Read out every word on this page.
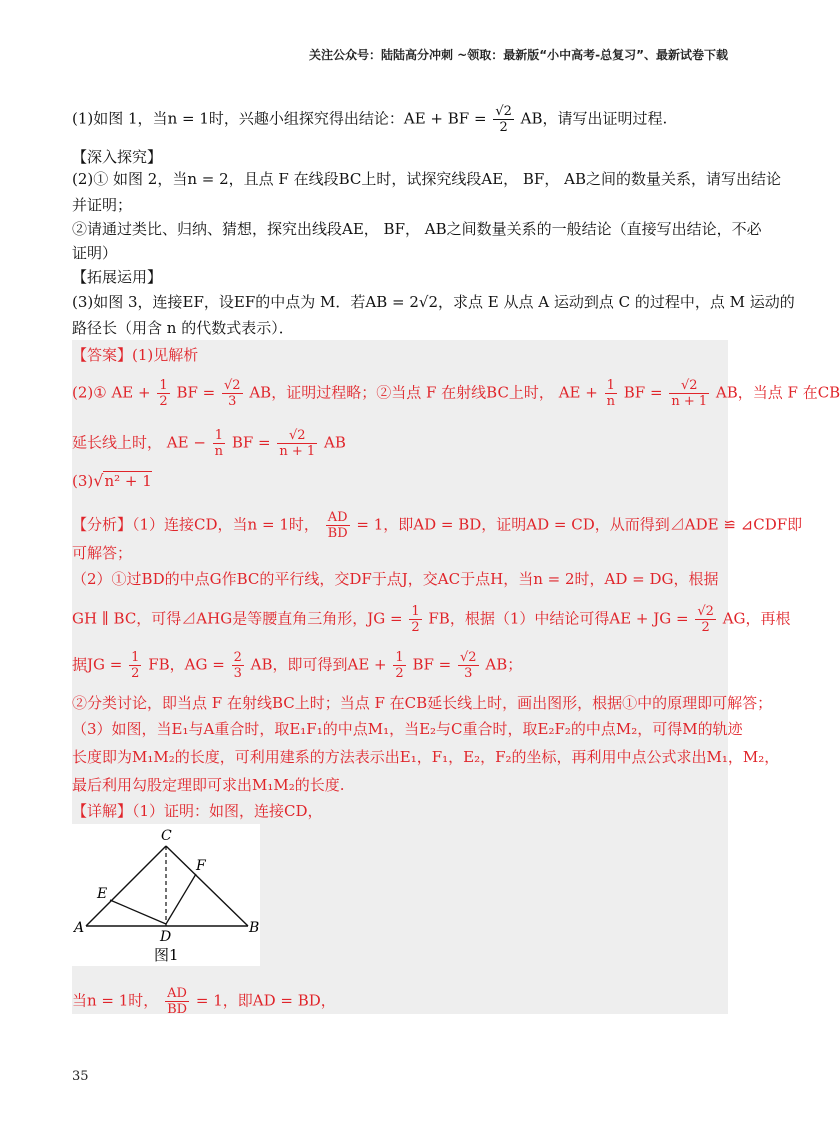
关注公众号：陆陆高分冲刺 ~领取：最新版“小中高考-总复习”、最新试卷下载
(1)如图 1，当n = 1时，兴趣小组探究得出结论：AE + BF = $\frac{√2}{2}$ AB，请写出证明过程.
【深入探究】
(2)① 如图 2，当n = 2，且点 F 在线段BC上时，试探究线段AE， BF， AB之间的数量关系，请写出结论
并证明；
②请通过类比、归纳、猜想，探究出线段AE， BF， AB之间数量关系的一般结论（直接写出结论，不必
证明）
【拓展运用】
(3)如图 3，连接EF，设EF的中点为 M．若AB = 2√2，求点 E 从点 A 运动到点 C 的过程中，点 M 运动的
路径长（用含 n 的代数式表示）．
【答案】(1)见解析
(2)① AE + $\frac{1}{2}$ BF = $\frac{√2}{3}$ AB，证明过程略；②当点 F 在射线BC上时， AE + $\frac{1}{n}$ BF = $\frac{√2}{n + 1}$ AB，当点 F 在CB
延长线上时， AE − $\frac{1}{n}$ BF = $\frac{√2}{n + 1}$ AB
(3)√n² + 1
【分析】（1）连接CD，当n = 1时， $\frac{AD}{BD} = 1$，即AD = BD，证明AD = CD，从而得到⊿ADE ≌ ⊿CDF即
可解答；
（2）①过BD的中点G作BC的平行线，交DF于点J，交AC于点H，当n = 2时，AD = DG，根据
GH ∥ BC，可得⊿AHG是等腰直角三角形，JG = $\frac{1}{2}$ FB，根据（1）中结论可得AE + JG = $\frac{√2}{2}$ AG，再根
据JG = $\frac{1}{2}$ FB，AG = $\frac{2}{3}$ AB，即可得到AE + $\frac{1}{2}$ BF = $\frac{√2}{3}$ AB；
②分类讨论，即当点 F 在射线BC上时；当点 F 在CB延长线上时，画出图形，根据①中的原理即可解答；
（3）如图，当E₁与A重合时，取E₁F₁的中点M₁，当E₂与C重合时，取E₂F₂的中点M₂，可得M的轨迹
长度即为M₁M₂的长度，可利用建系的方法表示出E₁，F₁，E₂，F₂的坐标，再利用中点公式求出M₁，M₂，
最后利用勾股定理即可求出M₁M₂的长度.
【详解】（1）证明：如图，连接CD，
A	B
C
D
E
F
图1
当n = 1时， $\frac{AD}{BD} = 1$，即AD = BD，
35
